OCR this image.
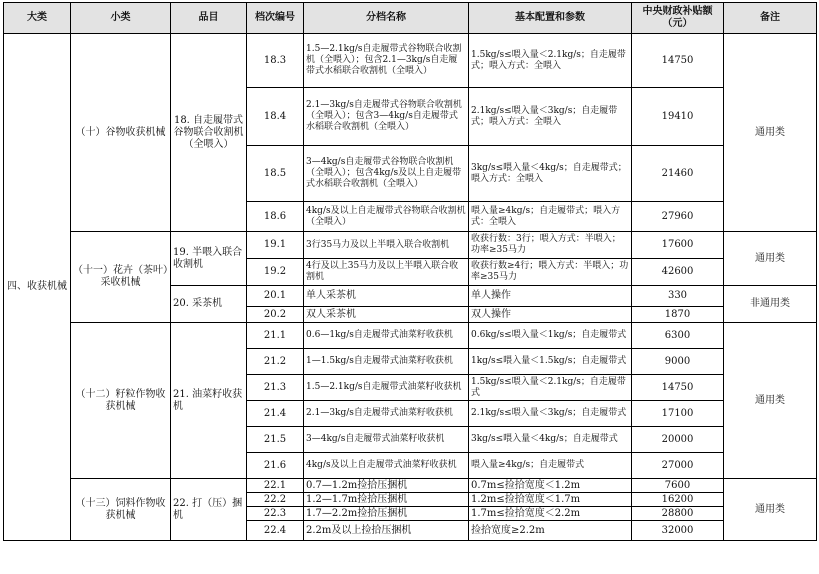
大类	小类	品目	档次编号	分档名称	基本配置和参数	中央财政补贴额（元）	备注
四、收获机械	（十）谷物收获机械	18. 自走履带式谷物联合收割机（全喂入）	18.3	1.5—2.1kg/s自走履带式谷物联合收割机（全喂入）；包含2.1—3kg/s自走履带式水稻联合收割机（全喂入）	1.5kg/s≤喂入量＜2.1kg/s；自走履带式；喂入方式：全喂入	14750	通用类
			18.4	2.1—3kg/s自走履带式谷物联合收割机（全喂入）；包含3—4kg/s自走履带式水稻联合收割机（全喂入）	2.1kg/s≤喂入量＜3kg/s；自走履带式；喂入方式：全喂入	19410	
			18.5	3—4kg/s自走履带式谷物联合收割机（全喂入）；包含4kg/s及以上自走履带式水稻联合收割机（全喂入）	3kg/s≤喂入量＜4kg/s；自走履带式；喂入方式：全喂入	21460	
			18.6	4kg/s及以上自走履带式谷物联合收割机（全喂入）	喂入量≥4kg/s；自走履带式；喂入方式：全喂入	27960	
	（十一）花卉（茶叶）采收机械	19. 半喂入联合收割机	19.1	3行35马力及以上半喂入联合收割机	收获行数：3行；喂入方式：半喂入；功率≥35马力	17600	通用类
			19.2	4行及以上35马力及以上半喂入联合收割机	收获行数≥4行；喂入方式：半喂入；功率≥35马力	42600	
		20. 采茶机	20.1	单人采茶机	单人操作	330	非通用类
			20.2	双人采茶机	双人操作	1870	
	（十二）籽粒作物收获机械	21. 油菜籽收获机	21.1	0.6—1kg/s自走履带式油菜籽收获机	0.6kg/s≤喂入量＜1kg/s；自走履带式	6300	通用类
			21.2	1—1.5kg/s自走履带式油菜籽收获机	1kg/s≤喂入量＜1.5kg/s；自走履带式	9000	
			21.3	1.5—2.1kg/s自走履带式油菜籽收获机	1.5kg/s≤喂入量＜2.1kg/s；自走履带式	14750	
			21.4	2.1—3kg/s自走履带式油菜籽收获机	2.1kg/s≤喂入量＜3kg/s；自走履带式	17100	
			21.5	3—4kg/s自走履带式油菜籽收获机	3kg/s≤喂入量＜4kg/s；自走履带式	20000	
			21.6	4kg/s及以上自走履带式油菜籽收获机	喂入量≥4kg/s；自走履带式	27000	
	（十三）饲料作物收获机械	22. 打（压）捆机	22.1	0.7—1.2m捡拾压捆机	0.7m≤捡拾宽度＜1.2m	7600	通用类
			22.2	1.2—1.7m捡拾压捆机	1.2m≤捡拾宽度＜1.7m	16200	
			22.3	1.7—2.2m捡拾压捆机	1.7m≤捡拾宽度＜2.2m	28800	
			22.4	2.2m及以上捡拾压捆机	捡拾宽度≥2.2m	32000	
